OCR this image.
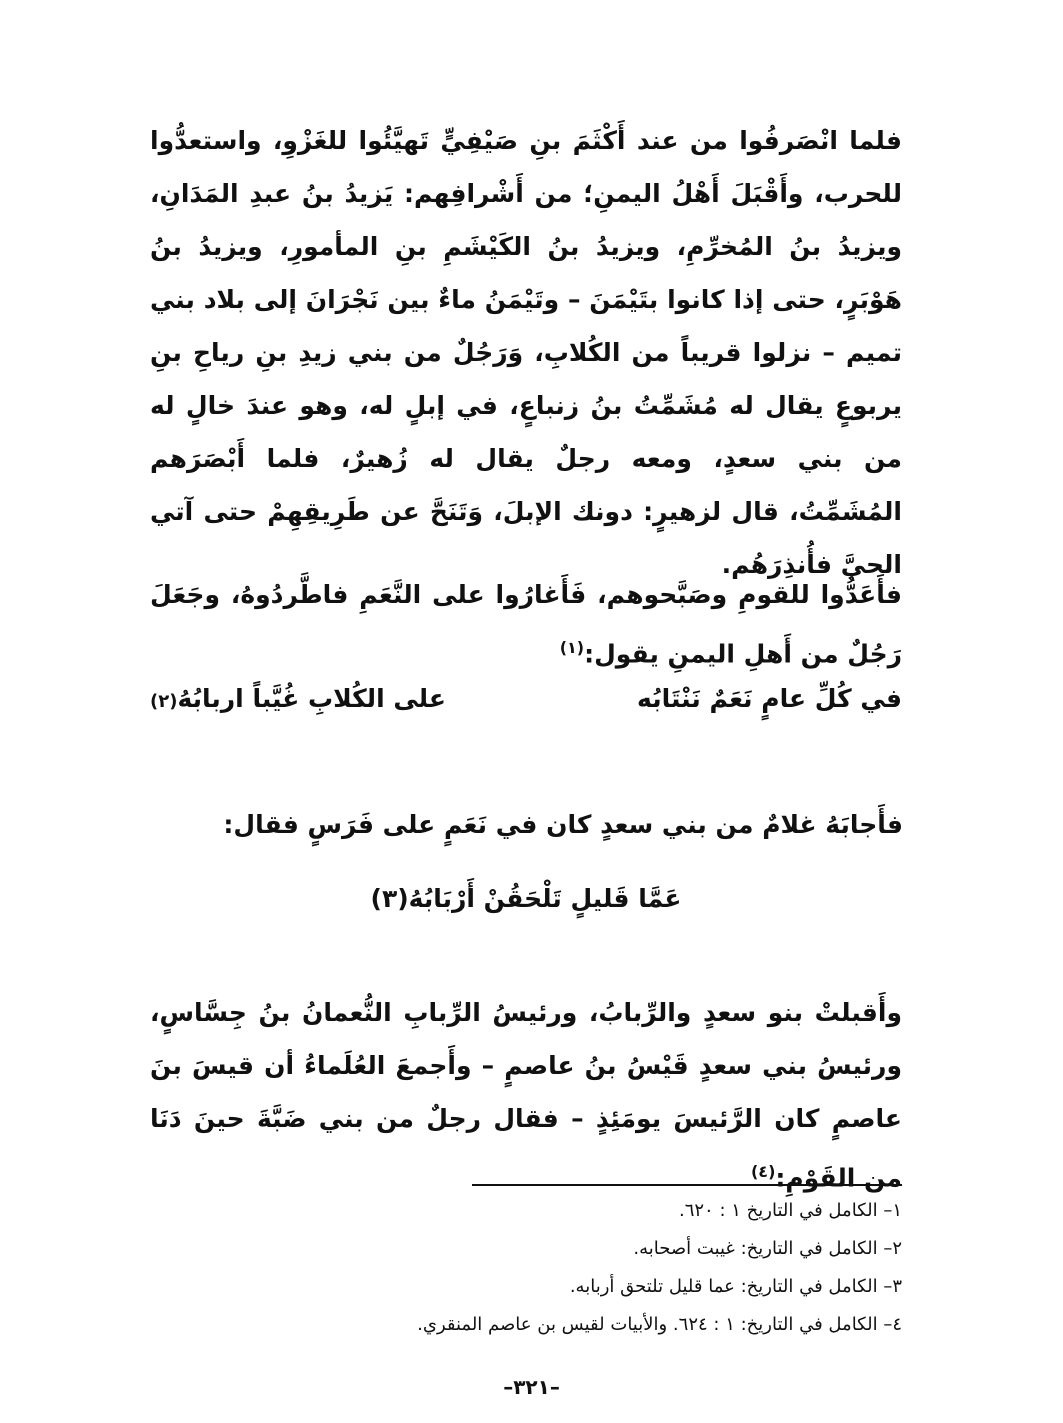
فلما انْصَرفُوا من عند أَكْثَمَ بنِ صَيْفِيٍّ تَهيَّئُوا للغَزْوِ، واستعدُّوا للحرب، وأَقْبَلَ أَهْلُ اليمنِ؛ من أَشْرافِهم: يَزيدُ بنُ عبدِ المَدَانِ، ويزيدُ بنُ المُخرِّمِ، ويزيدُ بنُ الكَيْشَمِ بنِ المأمورِ، ويزيدُ بنُ هَوْبَرٍ، حتى إذا كانوا بتَيْمَنَ – وتَيْمَنُ ماءٌ بين نَجْرَانَ إلى بلاد بني تميم – نزلوا قريباً من الكُلابِ، وَرَجُلٌ من بني زيدِ بنِ رياحِ بنِ يربوعٍ يقال له مُشَمِّتُ بنُ زنباعٍ، في إبلٍ له، وهو عندَ خالٍ له من بني سعدٍ، ومعه رجلٌ يقال له زُهيرٌ، فلما أَبْصَرَهم المُشَمِّتُ، قال لزهيرٍ: دونك الإبلَ، وَتَنَحَّ عن طَرِيقِهِمْ حتى آتي الحيَّ فأُنذِرَهُم.

فأَعَدُّوا للقومِ وصَبَّحوهم، فَأَغارُوا على النَّعَمِ فاطَّردُوهُ، وجَعَلَ رَجُلٌ من أَهلِ اليمنِ يقول:$^{(١)}$

في كُلِّ عامٍ نَعَمٌ نَنْتَابُه
على الكُلابِ غُيَّباً اربابُهُ(٢)
فأَجابَهُ غلامٌ من بني سعدٍ كان في نَعَمٍ على فَرَسٍ فقال:
عَمَّا قَليلٍ تَلْحَقُنْ أَرْبَابُهُ(٣)

وأَقبلتْ بنو سعدٍ والرِّبابُ، ورئيسُ الرِّبابِ النُّعمانُ بنُ جِسَّاسٍ، ورئيسُ بني سعدٍ قَيْسُ بنُ عاصمٍ – وأَجمعَ العُلَماءُ أن قيسَ بنَ عاصمٍ كان الرَّئيسَ يومَئِذٍ – فقال رجلٌ من بني ضَبَّةَ حينَ دَنَا من القَوْمِ:$^{(٤)}$

١– الكامل في التاريخ ١ : ٦٢٠.
٢– الكامل في التاريخ: غيبت أصحابه.
٣– الكامل في التاريخ: عما قليل تلتحق أربابه.
٤– الكامل في التاريخ: ١ : ٦٢٤. والأبيات لقيس بن عاصم المنقري.
–٣٢١–
